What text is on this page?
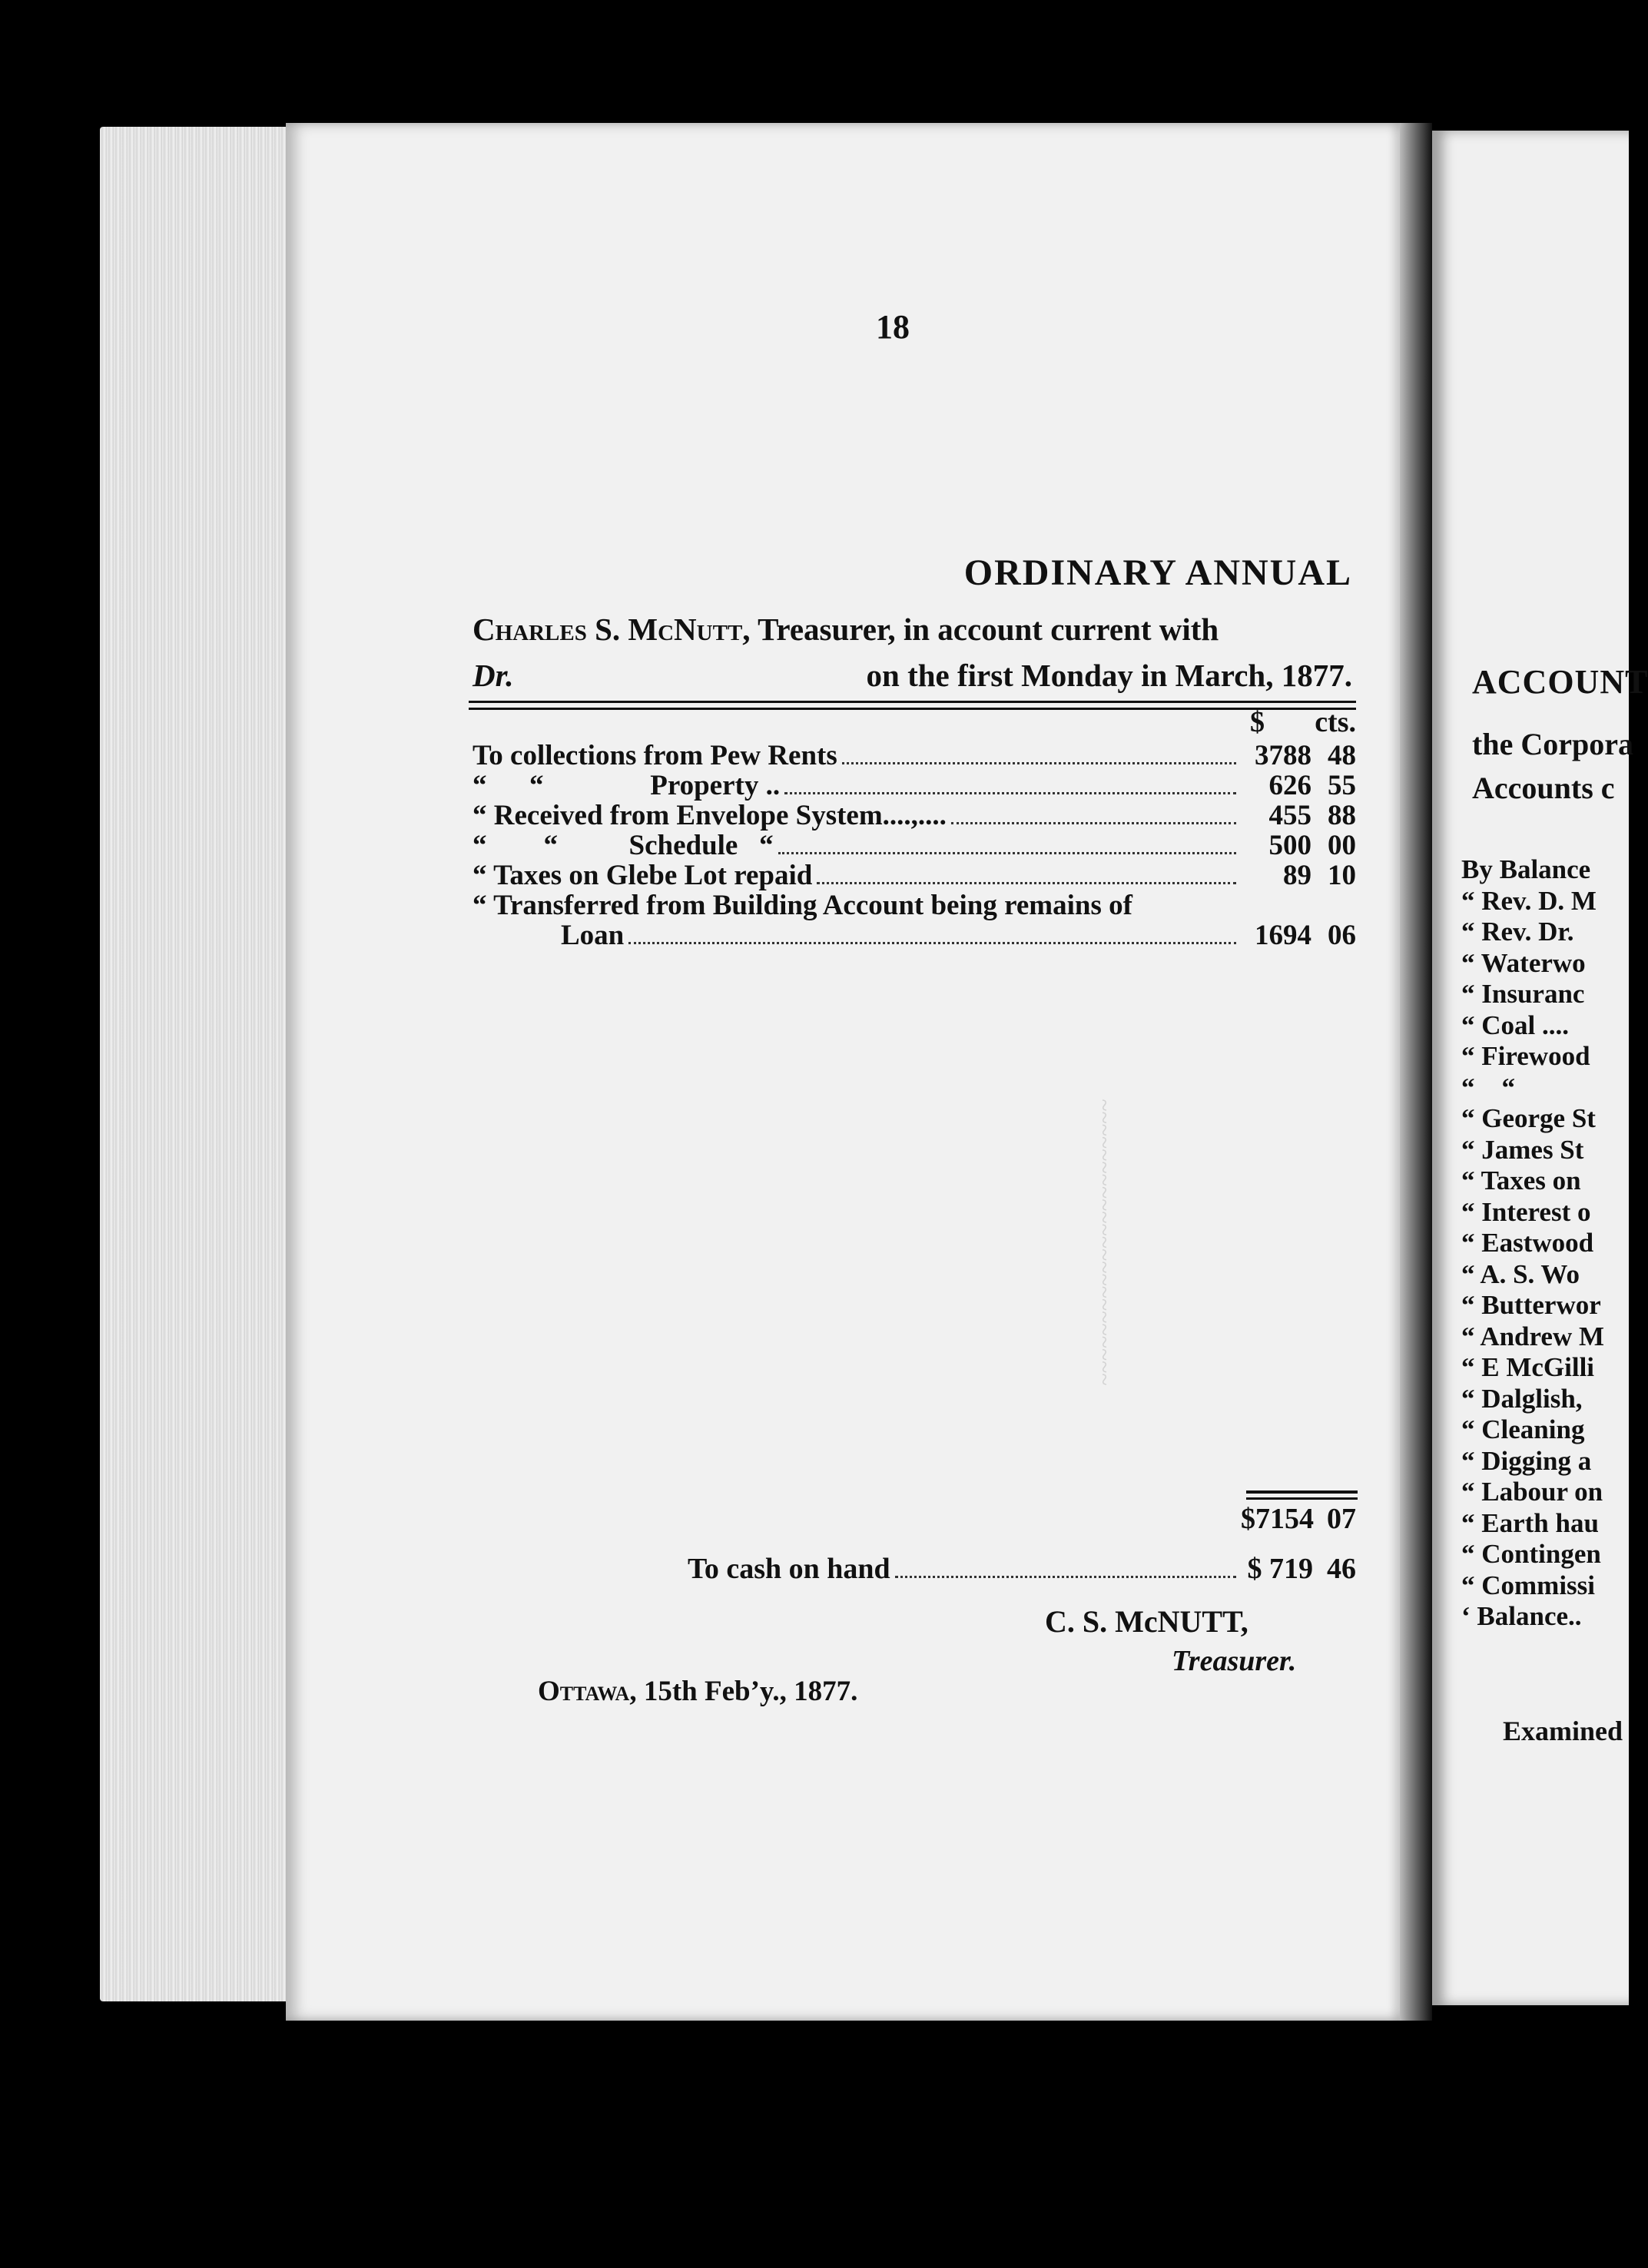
~~~~~~~~~~~~~~~~~~~~~~~
18
ORDINARY ANNUAL
Charles S. McNutt, Treasurer, in account current with
Dr.	on the first Monday in March, 1877.
$ cts.
To collections from Pew Rents	3788 48
“      “               Property ..	626 55
“ Received from Envelope System....,....	455 88
“        “          Schedule   “	500 00
“ Taxes on Glebe Lot repaid	89 10
“ Transferred from Building Account being remains of
Loan	1694 06
$7154 07
To cash on hand	$ 719 46
C. S. McNUTT,
Treasurer.
Ottawa, 15th Feb’y., 1877.
ACCOUNT
the Corpora
Accounts c
By Balance
“ Rev. D. M
“ Rev. Dr.
“ Waterwo
“ Insuranc
“ Coal ....
“ Firewood
“    “
“ George St
“ James St
“ Taxes on
“ Interest o
“ Eastwood
“ A. S. Wo
“ Butterwor
“ Andrew M
“ E McGilli
“ Dalglish,
“ Cleaning
“ Digging a
“ Labour on
“ Earth hau
“ Contingen
“ Commissi
‘ Balance..
Examined
